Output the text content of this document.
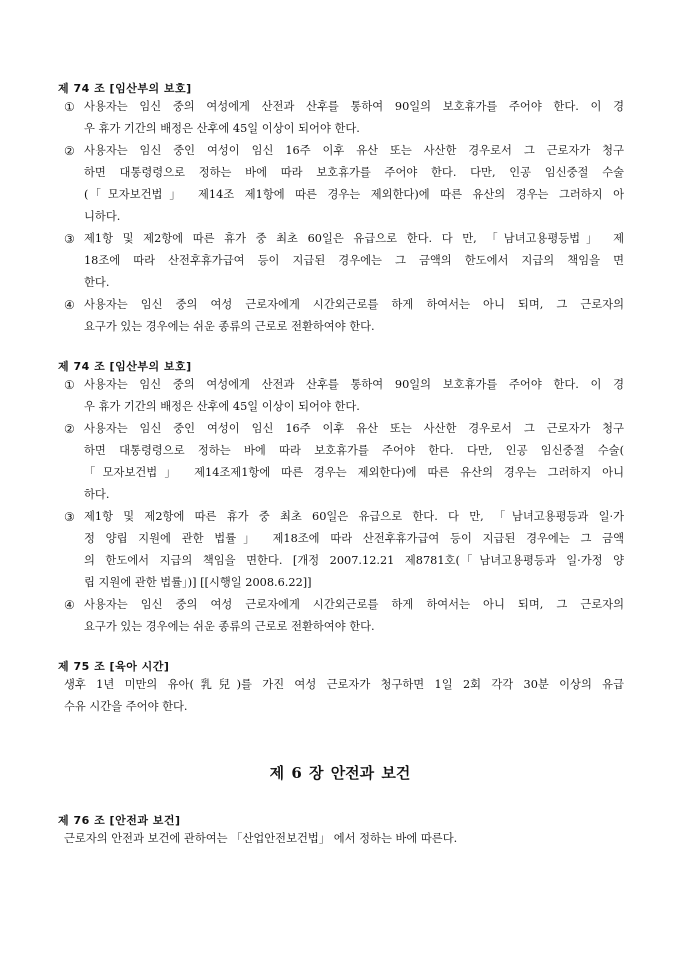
제 74 조 [임산부의 보호]
① 사용자는 임신 중의 여성에게 산전과 산후를 통하여 90일의 보호휴가를 주어야 한다. 이 경
우 휴가 기간의 배정은 산후에 45일 이상이 되어야 한다.
② 사용자는 임신 중인 여성이 임신 16주 이후 유산 또는 사산한 경우로서 그 근로자가 청구
하면 대통령령으로 정하는 바에 따라 보호휴가를 주어야 한다. 다만, 인공 임신중절 수술
(「모자보건법」 제14조 제1항에 따른 경우는 제외한다)에 따른 유산의 경우는 그러하지 아
니하다.
③ 제1항 및 제2항에 따른 휴가 중 최초 60일은 유급으로 한다. 다 만, 「남녀고용평등법」 제
18조에 따라 산전후휴가급여 등이 지급된 경우에는 그 금액의 한도에서 지급의 책임을 면
한다.
④ 사용자는 임신 중의 여성 근로자에게 시간외근로를 하게 하여서는 아니 되며, 그 근로자의
요구가 있는 경우에는 쉬운 종류의 근로로 전환하여야 한다.
제 74 조 [임산부의 보호]
① 사용자는 임신 중의 여성에게 산전과 산후를 통하여 90일의 보호휴가를 주어야 한다. 이 경
우 휴가 기간의 배정은 산후에 45일 이상이 되어야 한다.
② 사용자는 임신 중인 여성이 임신 16주 이후 유산 또는 사산한 경우로서 그 근로자가 청구
하면 대통령령으로 정하는 바에 따라 보호휴가를 주어야 한다. 다만, 인공 임신중절 수술(
「모자보건법」 제14조제1항에 따른 경우는 제외한다)에 따른 유산의 경우는 그러하지 아니
하다.
③ 제1항 및 제2항에 따른 휴가 중 최초 60일은 유급으로 한다. 다 만, 「남녀고용평등과 일·가
정 양립 지원에 관한 법률」 제18조에 따라 산전후휴가급여 등이 지급된 경우에는 그 금액
의 한도에서 지급의 책임을 면한다. [개정 2007.12.21 제8781호(「남녀고용평등과 일·가정 양
립 지원에 관한 법률」)] [[시행일 2008.6.22]]
④ 사용자는 임신 중의 여성 근로자에게 시간외근로를 하게 하여서는 아니 되며, 그 근로자의
요구가 있는 경우에는 쉬운 종류의 근로로 전환하여야 한다.
제 75 조 [육아 시간]
생후 1년 미만의 유아(乳兒)를 가진 여성 근로자가 청구하면 1일 2회 각각 30분 이상의 유급
수유 시간을 주어야 한다.
제 6 장 안전과 보건
제 76 조 [안전과 보건]
근로자의 안전과 보건에 관하여는 「산업안전보건법」 에서 정하는 바에 따른다.
